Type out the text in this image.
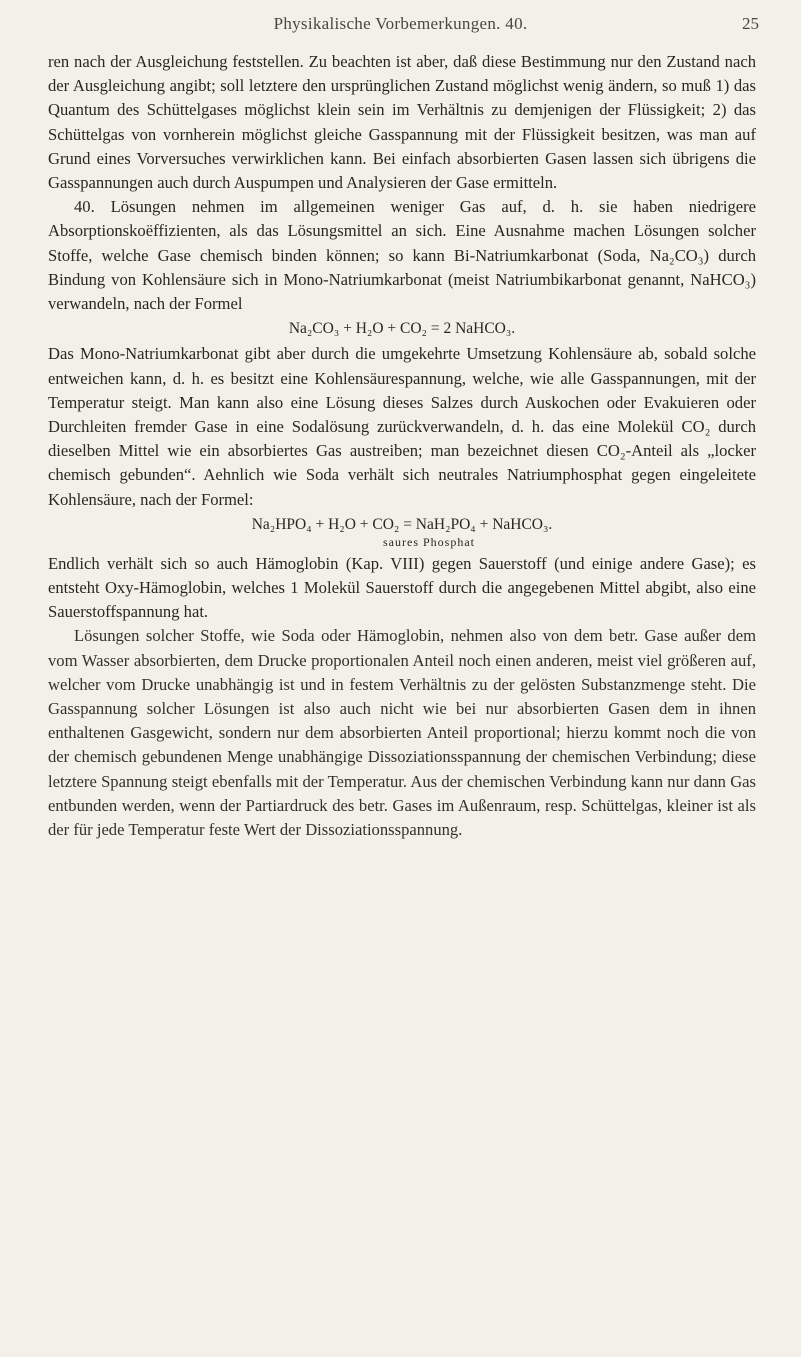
Physikalische Vorbemerkungen. 40.	25

ren nach der Ausgleichung feststellen. Zu beachten ist aber, daß diese Bestimmung nur den Zustand nach der Ausgleichung angibt; soll letztere den ursprünglichen Zustand möglichst wenig ändern, so muß 1) das Quantum des Schüttelgases möglichst klein sein im Verhältnis zu demjenigen der Flüssigkeit; 2) das Schüttelgas von vornherein möglichst gleiche Gasspannung mit der Flüssigkeit besitzen, was man auf Grund eines Vorversuches verwirklichen kann. Bei einfach absorbierten Gasen lassen sich übrigens die Gasspannungen auch durch Auspumpen und Analysieren der Gase ermitteln.

40. Lösungen nehmen im allgemeinen weniger Gas auf, d. h. sie haben niedrigere Absorptionskoëffizienten, als das Lösungsmittel an sich. Eine Ausnahme machen Lösungen solcher Stoffe, welche Gase chemisch binden können; so kann Bi-Natriumkarbonat (Soda, Na₂CO₃) durch Bindung von Kohlensäure sich in Mono-Natriumkarbonat (meist Natriumbikarbonat genannt, NaHCO₃) verwandeln, nach der Formel

Na₂CO₃ + H₂O + CO₂ = 2 NaHCO₃.

Das Mono-Natriumkarbonat gibt aber durch die umgekehrte Umsetzung Kohlensäure ab, sobald solche entweichen kann, d. h. es besitzt eine Kohlensäurespannung, welche, wie alle Gasspannungen, mit der Temperatur steigt. Man kann also eine Lösung dieses Salzes durch Auskochen oder Evakuieren oder Durchleiten fremder Gase in eine Sodalösung zurückverwandeln, d. h. das eine Molekül CO₂ durch dieselben Mittel wie ein absorbiertes Gas austreiben; man bezeichnet diesen CO₂-Anteil als „locker chemisch gebunden“. Aehnlich wie Soda verhält sich neutrales Natriumphosphat gegen eingeleitete Kohlensäure, nach der Formel:

Na₂HPO₄ + H₂O + CO₂ = NaH₂PO₄ + NaHCO₃.
saures Phosphat

Endlich verhält sich so auch Hämoglobin (Kap. VIII) gegen Sauerstoff (und einige andere Gase); es entsteht Oxy-Hämoglobin, welches 1 Molekül Sauerstoff durch die angegebenen Mittel abgibt, also eine Sauerstoffspannung hat.

Lösungen solcher Stoffe, wie Soda oder Hämoglobin, nehmen also von dem betr. Gase außer dem vom Wasser absorbierten, dem Drucke proportionalen Anteil noch einen anderen, meist viel größeren auf, welcher vom Drucke unabhängig ist und in festem Verhältnis zu der gelösten Substanzmenge steht. Die Gasspannung solcher Lösungen ist also auch nicht wie bei nur absorbierten Gasen dem in ihnen enthaltenen Gasgewicht, sondern nur dem absorbierten Anteil proportional; hierzu kommt noch die von der chemisch gebundenen Menge unabhängige Dissoziationsspannung der chemischen Verbindung; diese letztere Spannung steigt ebenfalls mit der Temperatur. Aus der chemischen Verbindung kann nur dann Gas entbunden werden, wenn der Partiardruck des betr. Gases im Außenraum, resp. Schüttelgas, kleiner ist als der für jede Temperatur feste Wert der Dissoziationsspannung.
